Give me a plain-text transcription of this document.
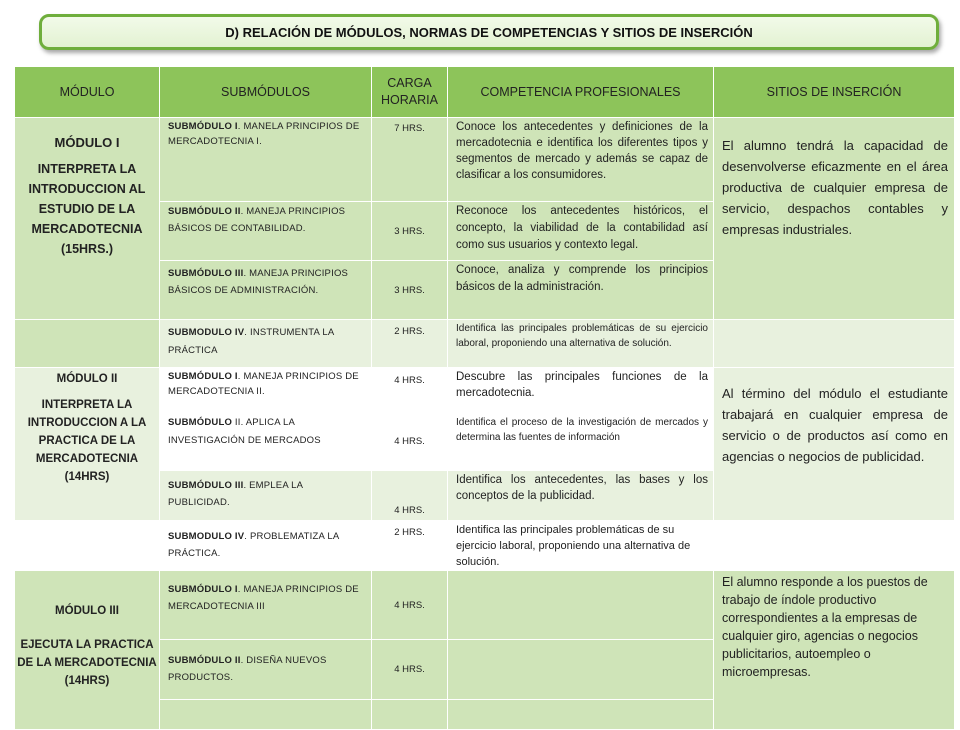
D) RELACIÓN DE MÓDULOS, NORMAS DE COMPETENCIAS Y SITIOS DE INSERCIÓN
MÓDULO	SUBMÓDULOS	CARGA HORARIA	COMPETENCIA PROFESIONALES	SITIOS DE INSERCIÓN

MÓDULO I
INTERPRETA LA INTRODUCCION AL ESTUDIO DE LA MERCADOTECNIA
(15HRS.)	SUBMÓDULO I. MANELA PRINCIPIOS DE MERCADOTECNIA I.	7 HRS.	Conoce los antecedentes y definiciones de la mercadotecnia e identifica los diferentes tipos y segmentos de mercado y además se capaz de clasificar a los consumidores.	El alumno tendrá la capacidad de desenvolverse eficazmente en el área productiva de cualquier empresa de servicio, despachos contables y empresas industriales.
	SUBMÓDULO II. MANEJA PRINCIPIOS BÁSICOS DE CONTABILIDAD.	3 HRS.	Reconoce los antecedentes históricos, el concepto, la viabilidad de la contabilidad así como sus usuarios y contexto legal.	
	SUBMÓDULO III. MANEJA PRINCIPIOS BÁSICOS DE ADMINISTRACIÓN.	3 HRS.	Conoce, analiza y comprende los principios básicos de la administración.	
	SUBMODULO IV. INSTRUMENTA LA PRÁCTICA	2 HRS.	Identifica las principales problemáticas de su ejercicio laboral, proponiendo una alternativa de solución.	

MÓDULO II
INTERPRETA LA INTRODUCCION A LA PRACTICA DE LA MERCADOTECNIA
(14HRS)	SUBMÓDULO I. MANEJA PRINCIPIOS DE MERCADOTECNIA II.	4 HRS.	Descubre las principales funciones de la mercadotecnia.	Al término del módulo el estudiante trabajará en cualquier empresa de servicio o de productos así como en agencias o negocios de publicidad.
	SUBMÓDULO II. APLICA LA INVESTIGACIÓN DE MERCADOS	4 HRS.	Identifica el proceso de la investigación de mercados y determina las fuentes de información	
	SUBMÓDULO III. EMPLEA LA PUBLICIDAD.	4 HRS.	Identifica los antecedentes, las bases y los conceptos de la publicidad.	
	SUBMODULO IV. PROBLEMATIZA LA PRÁCTICA.	2 HRS.	Identifica las principales problemáticas de su ejercicio laboral, proponiendo una alternativa de solución.	

MÓDULO III
EJECUTA LA PRACTICA DE LA MERCADOTECNIA
(14HRS)	SUBMÓDULO I. MANEJA PRINCIPIOS DE MERCADOTECNIA III	4 HRS.		El alumno responde a los puestos de trabajo de índole productivo correspondientes a la empresas de cualquier giro, agencias o negocios publicitarios, autoempleo o microempresas.
	SUBMÓDULO II. DISEÑA NUEVOS PRODUCTOS.	4 HRS.		
